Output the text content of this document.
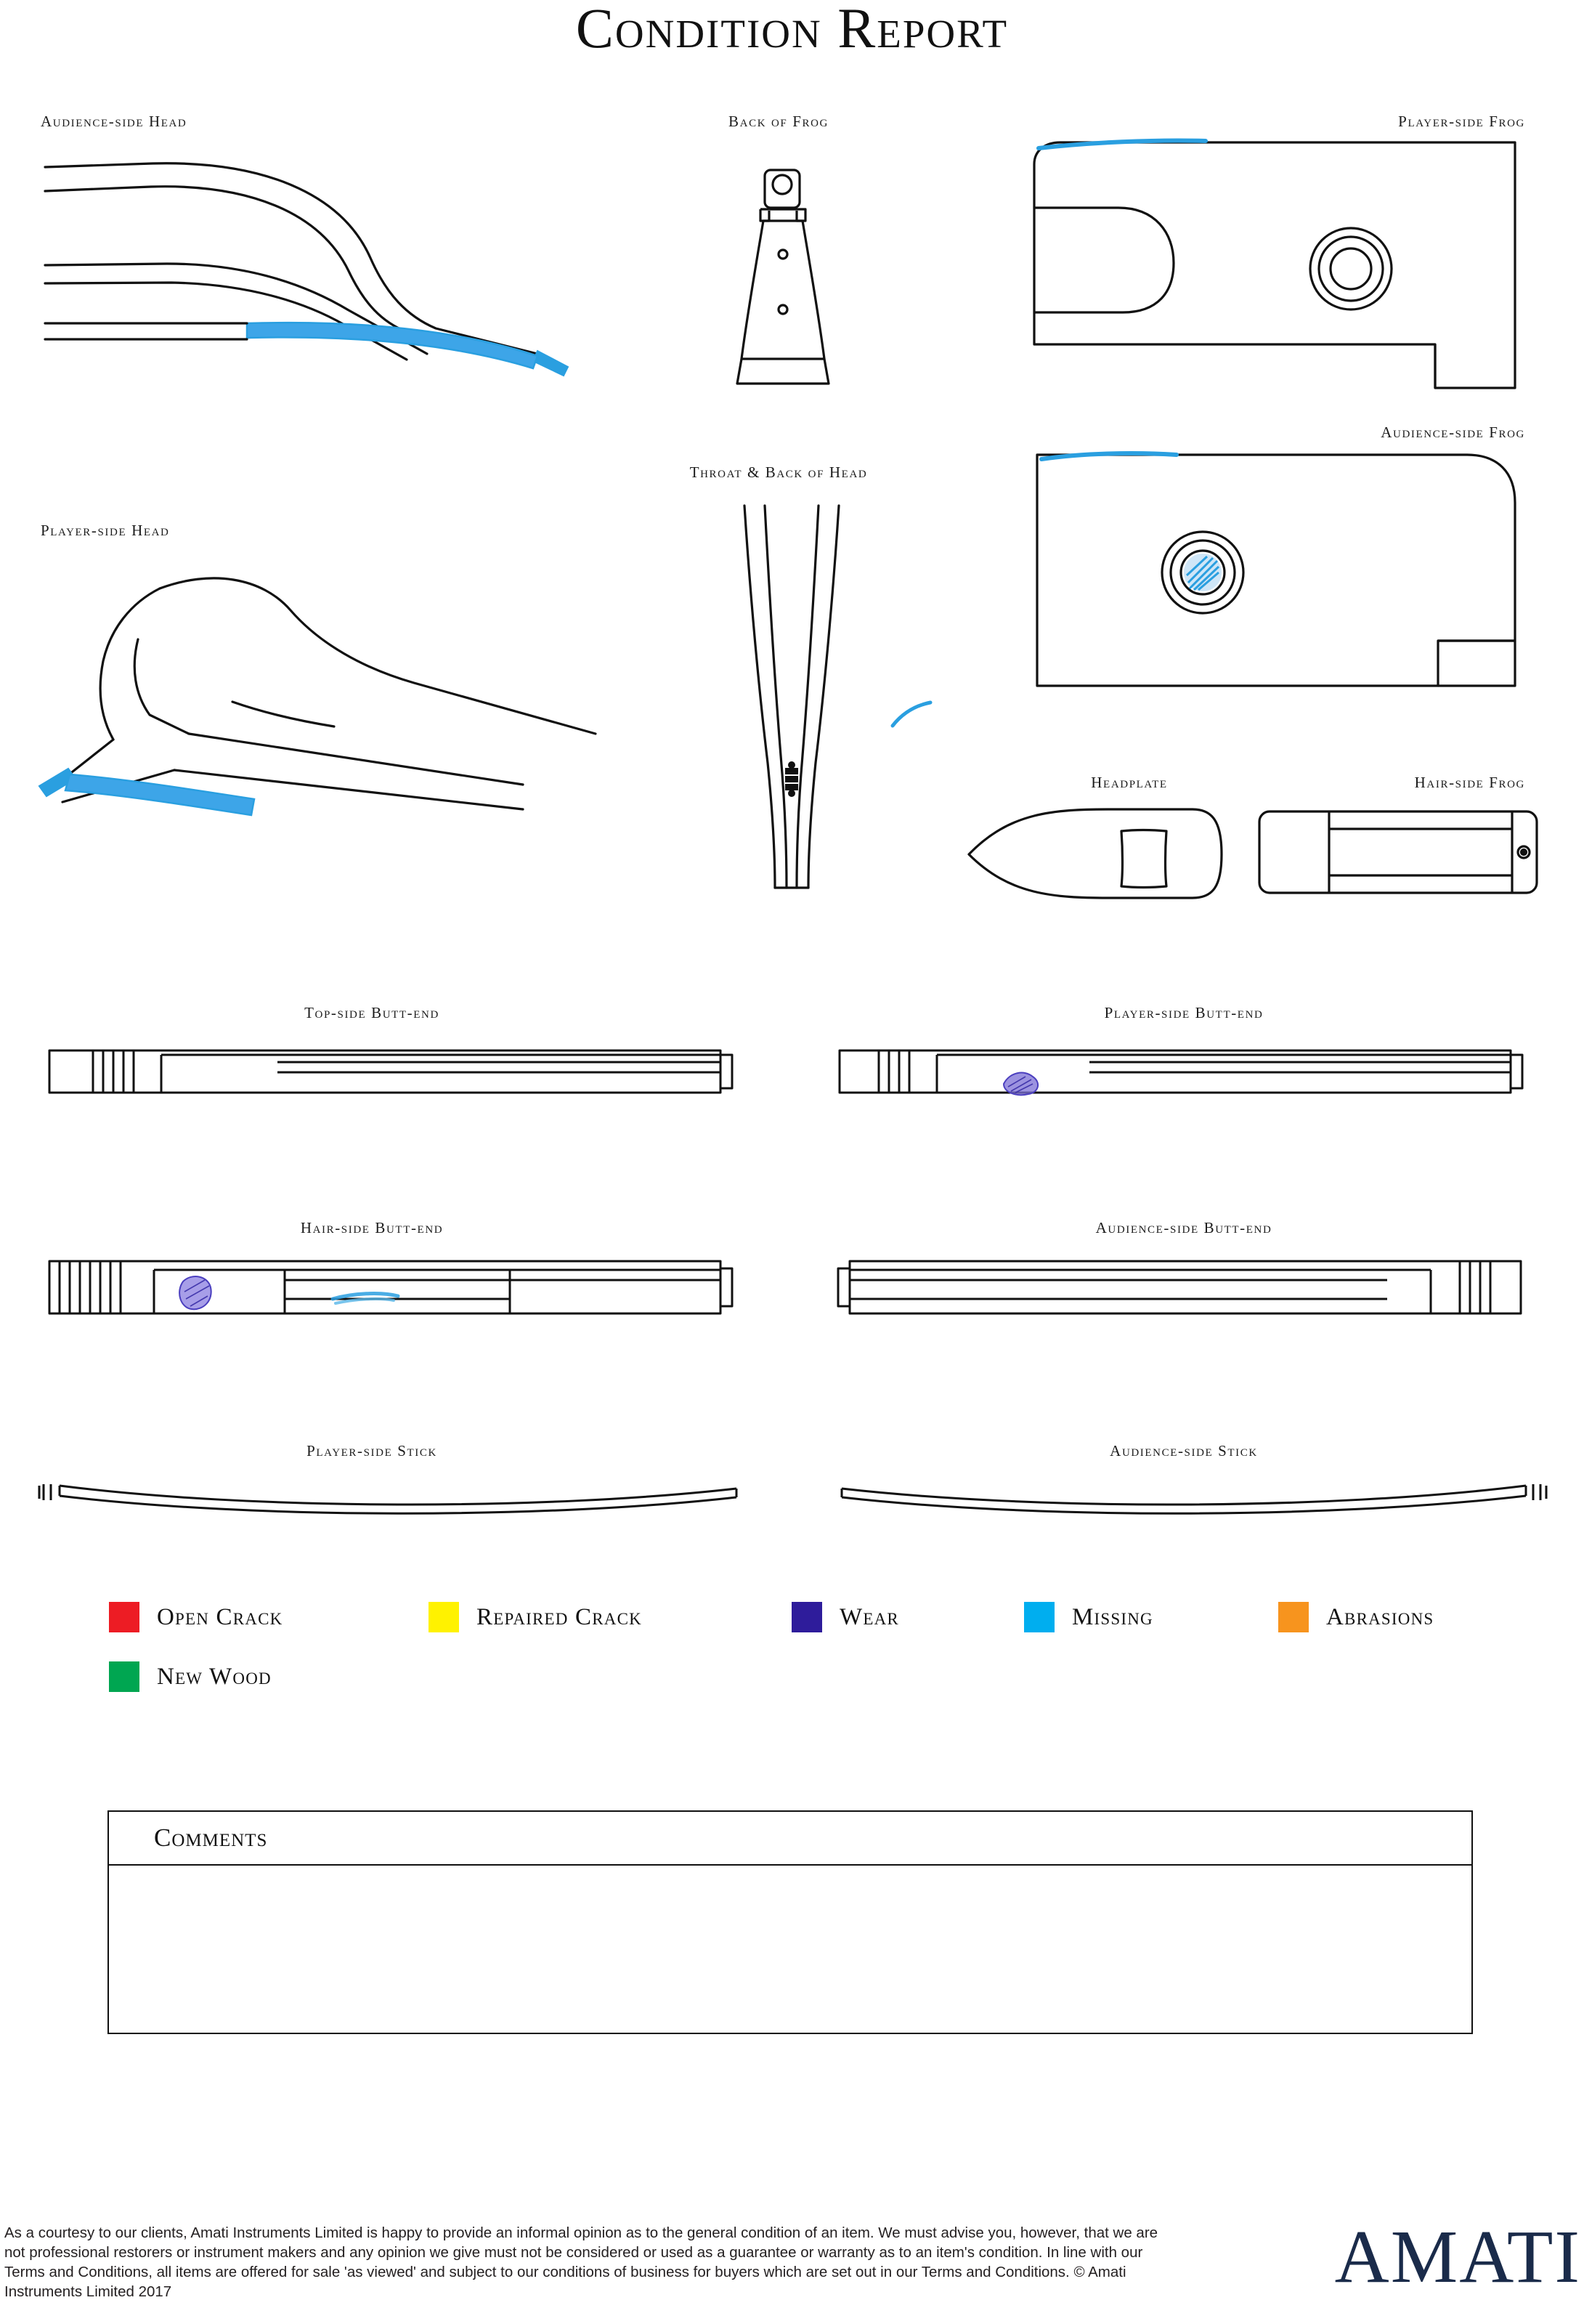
Condition Report
Audience-side Head	Back of Frog	Player-side Frog
Player-side Head
Throat & Back of Head
Audience-side Frog
Headplate	Hair-side Frog
Top-side Butt-end	Player-side Butt-end
Hair-side Butt-end	Audience-side Butt-end
Player-side Stick	Audience-side Stick
Open Crack	Repaired Crack	Wear	Missing	Abrasions
New Wood
Comments
As a courtesy to our clients, Amati Instruments Limited is happy to provide an informal opinion as to the general condition of an item. We must advise you, however, that we are not professional restorers or instrument makers and any opinion we give must not be considered or used as a guarantee or warranty as to an item's condition. In line with our Terms and Conditions, all items are offered for sale 'as viewed' and subject to our conditions of business for buyers which are set out in our Terms and Conditions. © Amati Instruments Limited 2017	AMATI
